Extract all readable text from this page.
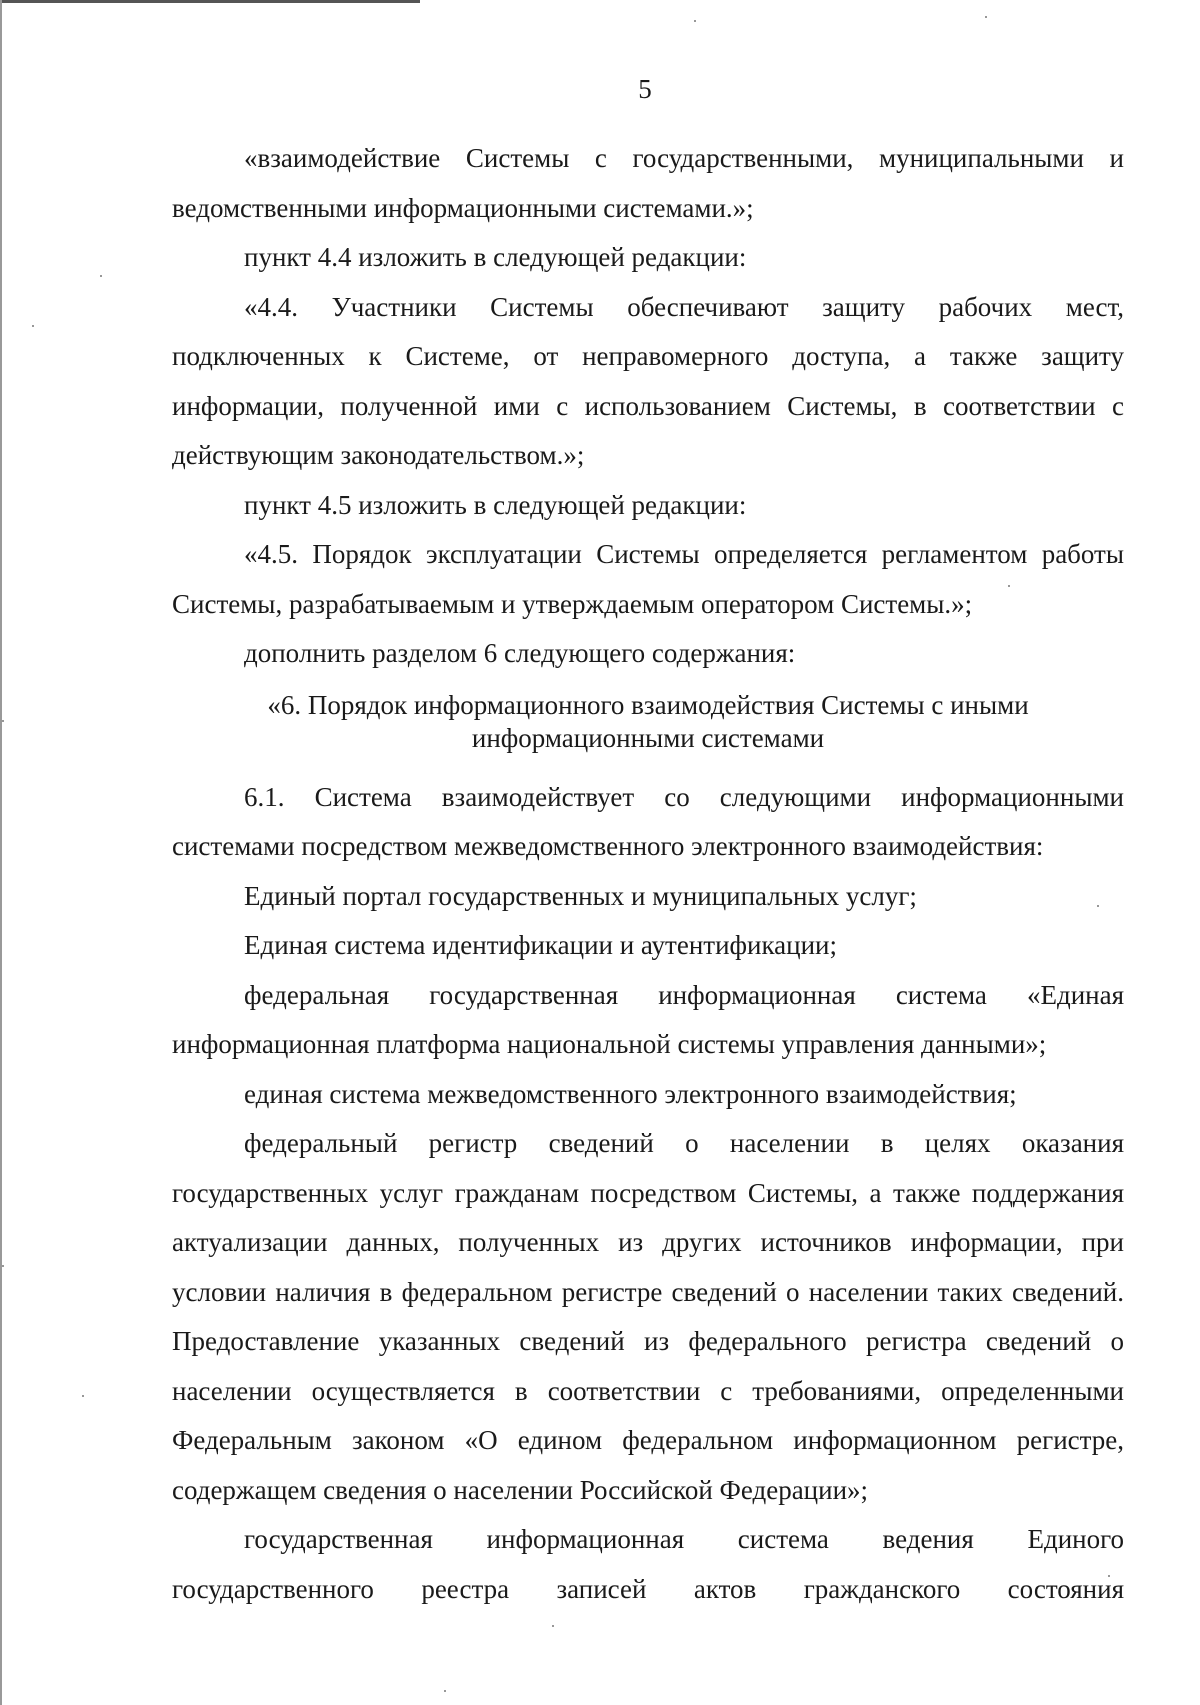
5

«взаимодействие Системы с государственными, муниципальными и ведомственными информационными системами.»;

пункт 4.4 изложить в следующей редакции:

«4.4. Участники Системы обеспечивают защиту рабочих мест, подключенных к Системе, от неправомерного доступа, а также защиту информации, полученной ими с использованием Системы, в соответствии с действующим законодательством.»;

пункт 4.5 изложить в следующей редакции:

«4.5. Порядок эксплуатации Системы определяется регламентом работы Системы, разрабатываемым и утверждаемым оператором Системы.»;

дополнить разделом 6 следующего содержания:

«6. Порядок информационного взаимодействия Системы с иными
информационными системами

6.1. Система взаимодействует со следующими информационными системами посредством межведомственного электронного взаимодействия:

Единый портал государственных и муниципальных услуг;

Единая система идентификации и аутентификации;

федеральная государственная информационная система «Единая информационная платформа национальной системы управления данными»;

единая система межведомственного электронного взаимодействия;

федеральный регистр сведений о населении в целях оказания государственных услуг гражданам посредством Системы, а также поддержания актуализации данных, полученных из других источников информации, при условии наличия в федеральном регистре сведений о населении таких сведений. Предоставление указанных сведений из федерального регистра сведений о населении осуществляется в соответствии с требованиями, определенными Федеральным законом «О едином федеральном информационном регистре, содержащем сведения о населении Российской Федерации»;

государственная информационная система ведения Единого государственного реестра записей актов гражданского состояния
